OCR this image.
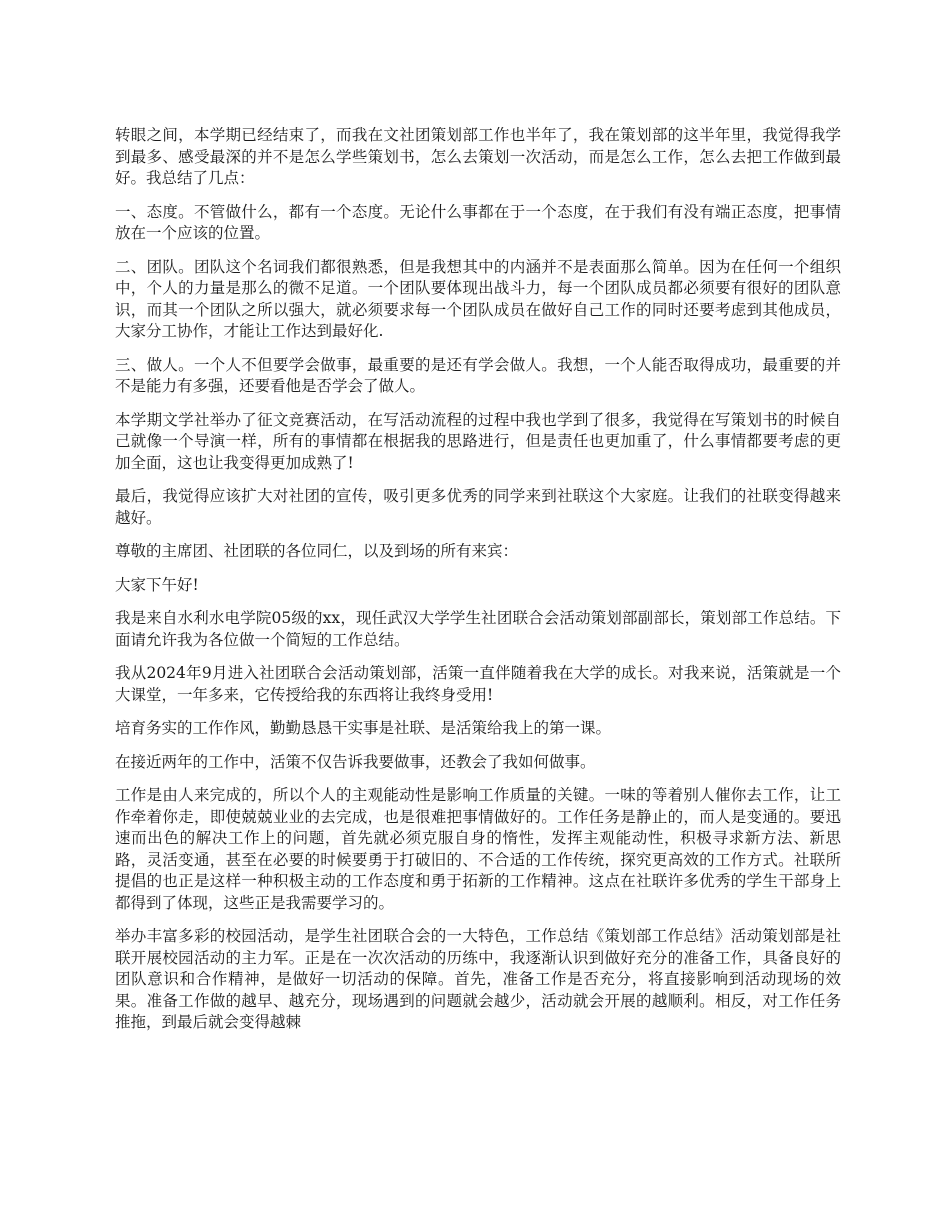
转眼之间，本学期已经结束了，而我在文社团策划部工作也半年了，我在策划部的这半年里，我觉得我学到最多、感受最深的并不是怎么学些策划书，怎么去策划一次活动，而是怎么工作，怎么去把工作做到最好。我总结了几点：

一、态度。不管做什么，都有一个态度。无论什么事都在于一个态度，在于我们有没有端正态度，把事情放在一个应该的位置。

二、团队。团队这个名词我们都很熟悉，但是我想其中的内涵并不是表面那么简单。因为在任何一个组织中，个人的力量是那么的微不足道。一个团队要体现出战斗力，每一个团队成员都必须要有很好的团队意识，而其一个团队之所以强大，就必须要求每一个团队成员在做好自己工作的同时还要考虑到其他成员，大家分工协作，才能让工作达到最好化.

三、做人。一个人不但要学会做事，最重要的是还有学会做人。我想，一个人能否取得成功，最重要的并不是能力有多强，还要看他是否学会了做人。

本学期文学社举办了征文竞赛活动，在写活动流程的过程中我也学到了很多，我觉得在写策划书的时候自己就像一个导演一样，所有的事情都在根据我的思路进行，但是责任也更加重了，什么事情都要考虑的更加全面，这也让我变得更加成熟了!

最后，我觉得应该扩大对社团的宣传，吸引更多优秀的同学来到社联这个大家庭。让我们的社联变得越来越好。

尊敬的主席团、社团联的各位同仁，以及到场的所有来宾：

大家下午好!

我是来自水利水电学院05级的xx，现任武汉大学学生社团联合会活动策划部副部长，策划部工作总结。下面请允许我为各位做一个简短的工作总结。

我从2024年9月进入社团联合会活动策划部，活策一直伴随着我在大学的成长。对我来说，活策就是一个大课堂，一年多来，它传授给我的东西将让我终身受用!

培育务实的工作作风，勤勤恳恳干实事是社联、是活策给我上的第一课。

在接近两年的工作中，活策不仅告诉我要做事，还教会了我如何做事。

工作是由人来完成的，所以个人的主观能动性是影响工作质量的关键。一味的等着别人催你去工作，让工作牵着你走，即使兢兢业业的去完成，也是很难把事情做好的。工作任务是静止的，而人是变通的。要迅速而出色的解决工作上的问题，首先就必须克服自身的惰性，发挥主观能动性，积极寻求新方法、新思路，灵活变通，甚至在必要的时候要勇于打破旧的、不合适的工作传统，探究更高效的工作方式。社联所提倡的也正是这样一种积极主动的工作态度和勇于拓新的工作精神。这点在社联许多优秀的学生干部身上都得到了体现，这些正是我需要学习的。

举办丰富多彩的校园活动，是学生社团联合会的一大特色，工作总结《策划部工作总结》活动策划部是社联开展校园活动的主力军。正是在一次次活动的历练中，我逐渐认识到做好充分的准备工作，具备良好的团队意识和合作精神，是做好一切活动的保障。首先，准备工作是否充分，将直接影响到活动现场的效果。准备工作做的越早、越充分，现场遇到的问题就会越少，活动就会开展的越顺利。相反，对工作任务推拖，到最后就会变得越棘
